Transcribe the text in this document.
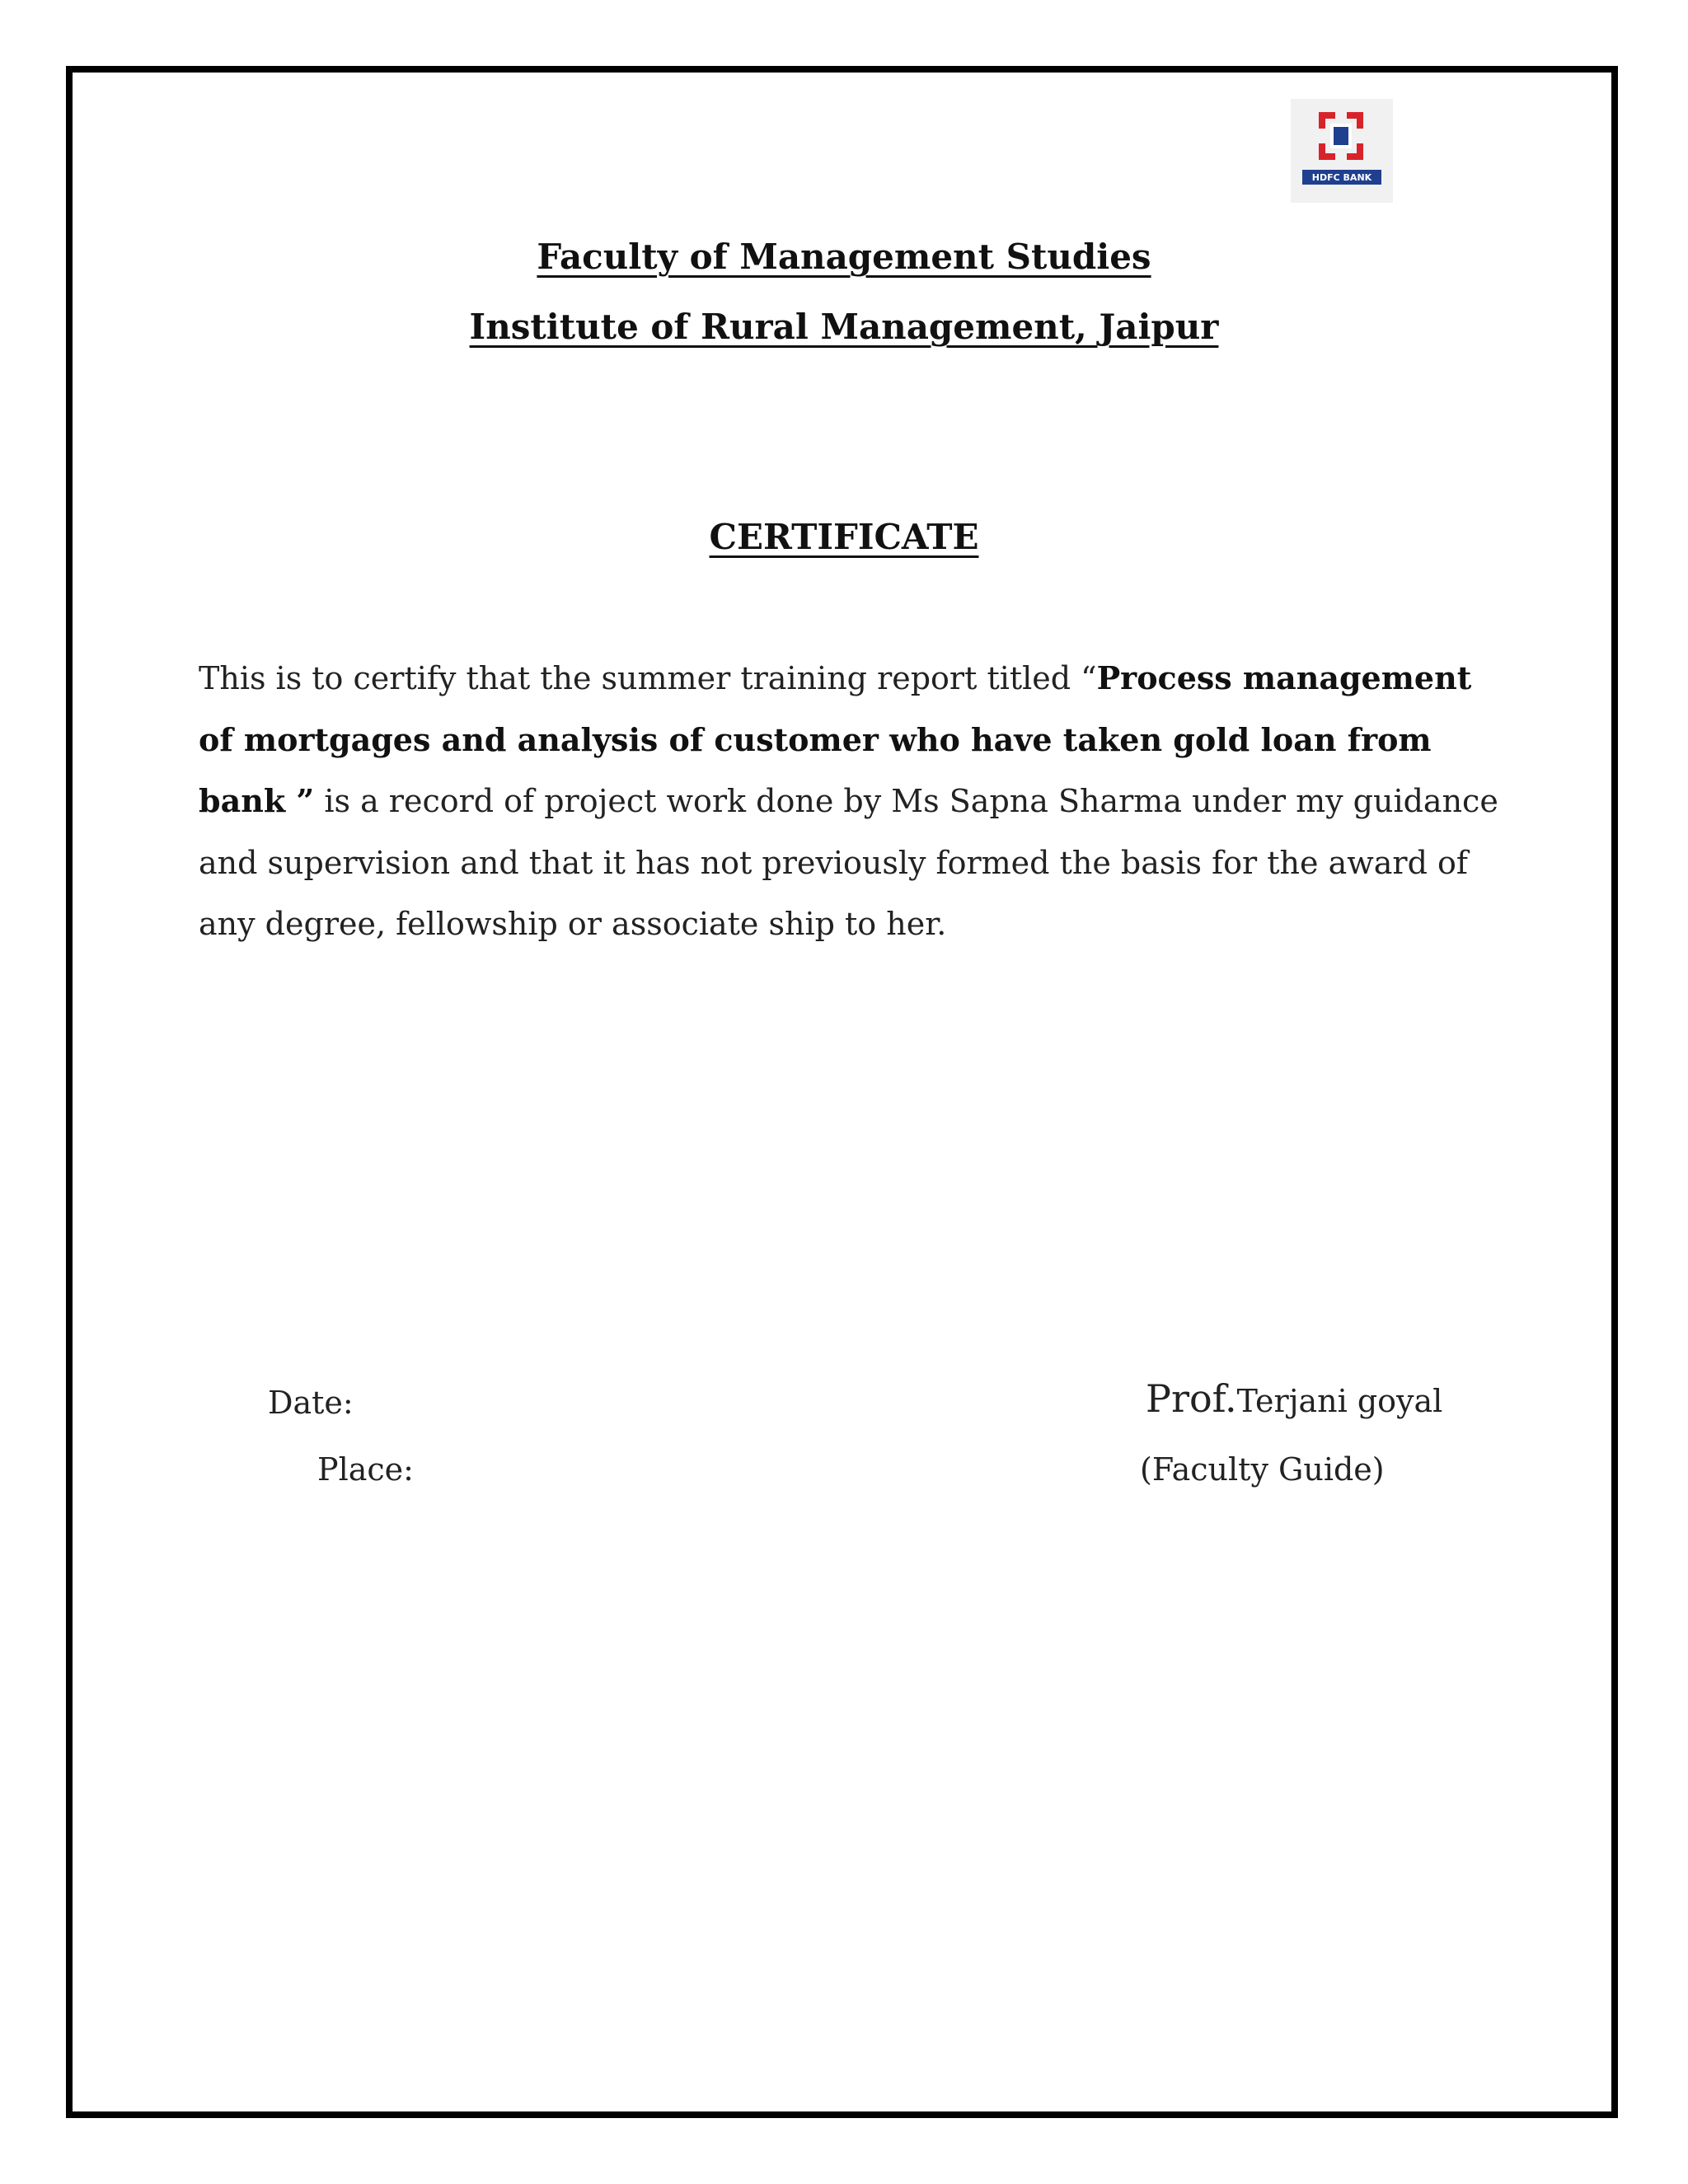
HDFC BANK
Faculty of Management Studies
Institute of Rural Management, Jaipur
CERTIFICATE
This is to certify that the summer training report titled “Process management of mortgages and analysis of customer who have taken gold loan from bank ” is a record of project work done by Ms Sapna Sharma under my guidance and supervision and that it has not previously formed the basis for the award of any degree, fellowship or associate ship to her.
Date:
Place:
Prof.Terjani goyal
(Faculty Guide)
